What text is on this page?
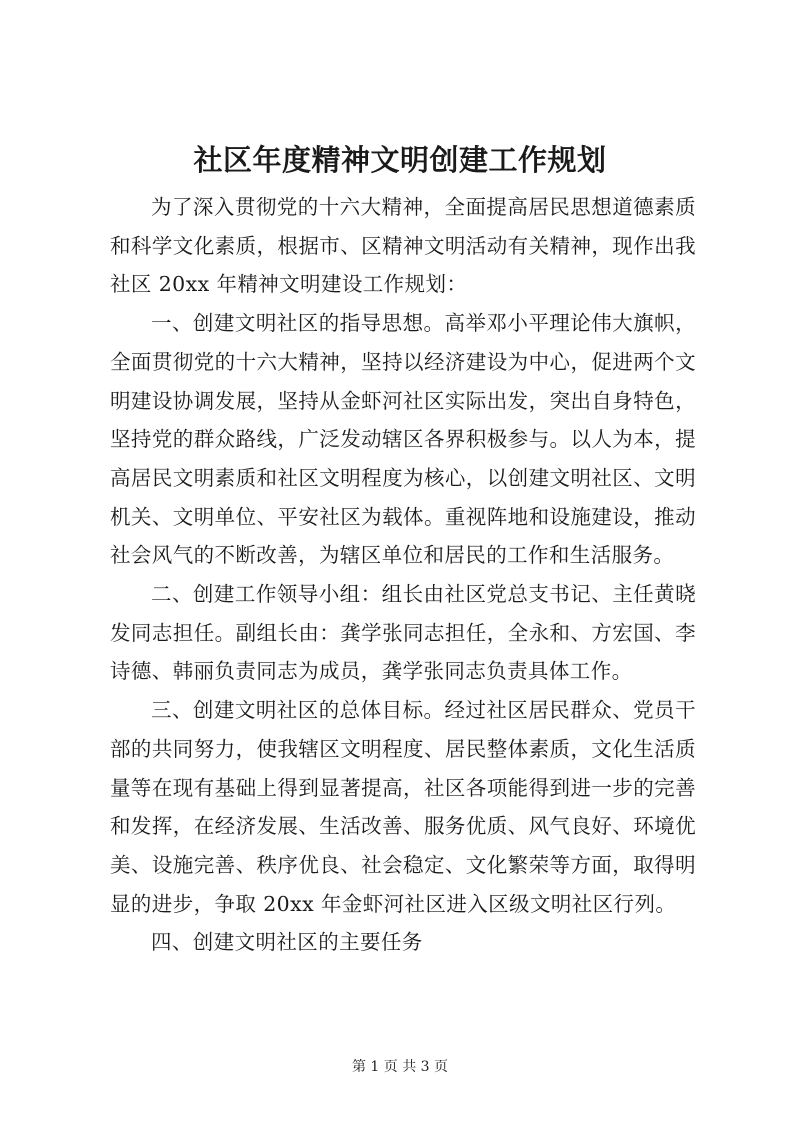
社区年度精神文明创建工作规划

为了深入贯彻党的十六大精神，全面提高居民思想道德素质和科学文化素质，根据市、区精神文明活动有关精神，现作出我社区 20xx 年精神文明建设工作规划：

一、创建文明社区的指导思想。高举邓小平理论伟大旗帜，全面贯彻党的十六大精神，坚持以经济建设为中心，促进两个文明建设协调发展，坚持从金虾河社区实际出发，突出自身特色，坚持党的群众路线，广泛发动辖区各界积极参与。以人为本，提高居民文明素质和社区文明程度为核心，以创建文明社区、文明机关、文明单位、平安社区为载体。重视阵地和设施建设，推动社会风气的不断改善，为辖区单位和居民的工作和生活服务。

二、创建工作领导小组：组长由社区党总支书记、主任黄晓发同志担任。副组长由：龚学张同志担任，全永和、方宏国、李诗德、韩丽负责同志为成员，龚学张同志负责具体工作。

三、创建文明社区的总体目标。经过社区居民群众、党员干部的共同努力，使我辖区文明程度、居民整体素质，文化生活质量等在现有基础上得到显著提高，社区各项能得到进一步的完善和发挥，在经济发展、生活改善、服务优质、风气良好、环境优美、设施完善、秩序优良、社会稳定、文化繁荣等方面，取得明显的进步，争取 20xx 年金虾河社区进入区级文明社区行列。

四、创建文明社区的主要任务

第 1 页 共 3 页
